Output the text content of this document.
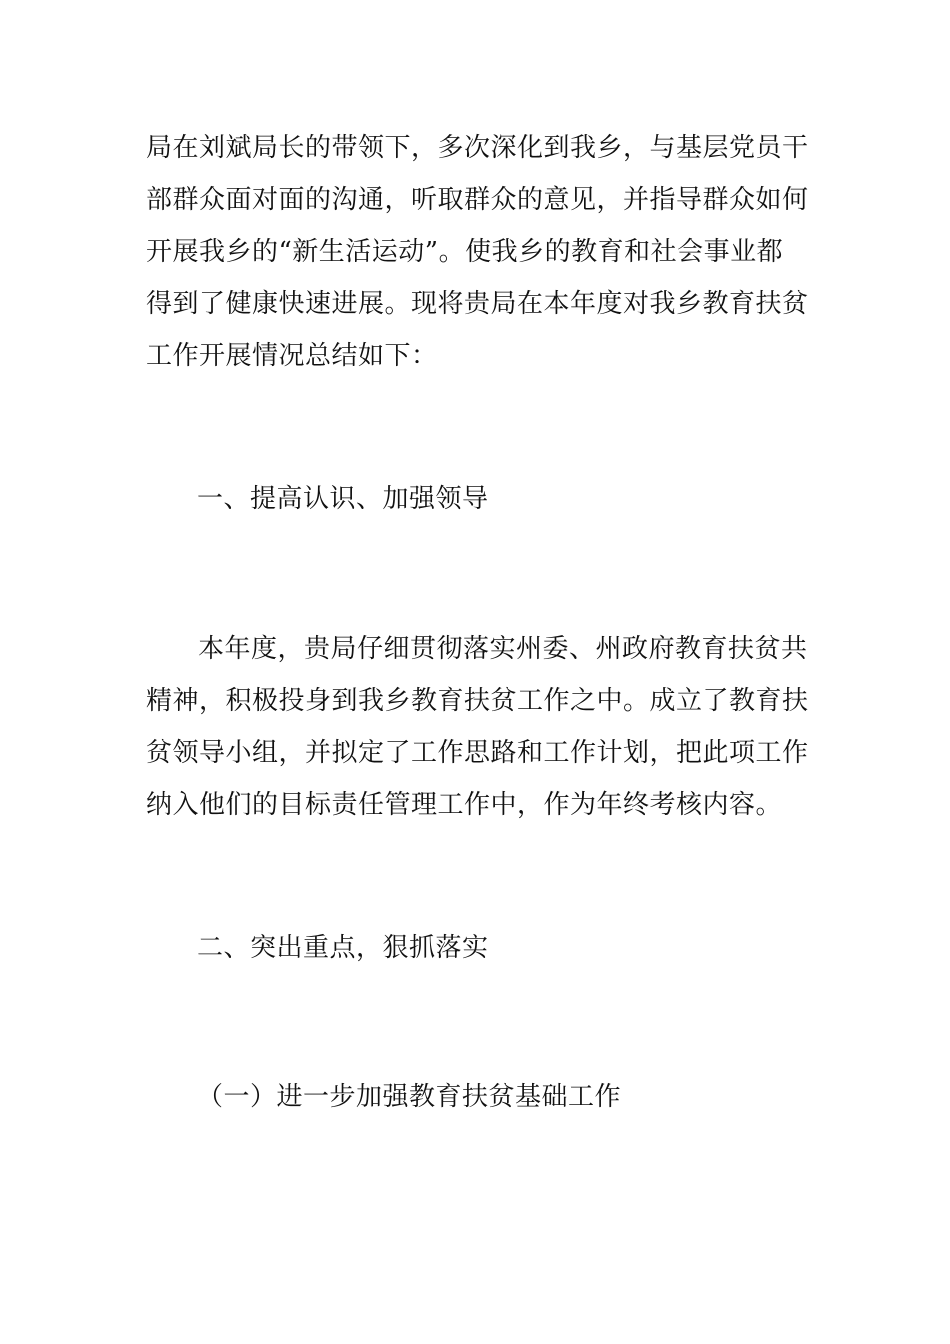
局在刘斌局长的带领下，多次深化到我乡，与基层党员干
部群众面对面的沟通，听取群众的意见，并指导群众如何
开展我乡的“新生活运动”。使我乡的教育和社会事业都
得到了健康快速进展。现将贵局在本年度对我乡教育扶贫
工作开展情况总结如下：
一、提高认识、加强领导
本年度，贵局仔细贯彻落实州委、州政府教育扶贫共
精神，积极投身到我乡教育扶贫工作之中。成立了教育扶
贫领导小组，并拟定了工作思路和工作计划，把此项工作
纳入他们的目标责任管理工作中，作为年终考核内容。
二、突出重点，狠抓落实
（一）进一步加强教育扶贫基础工作
